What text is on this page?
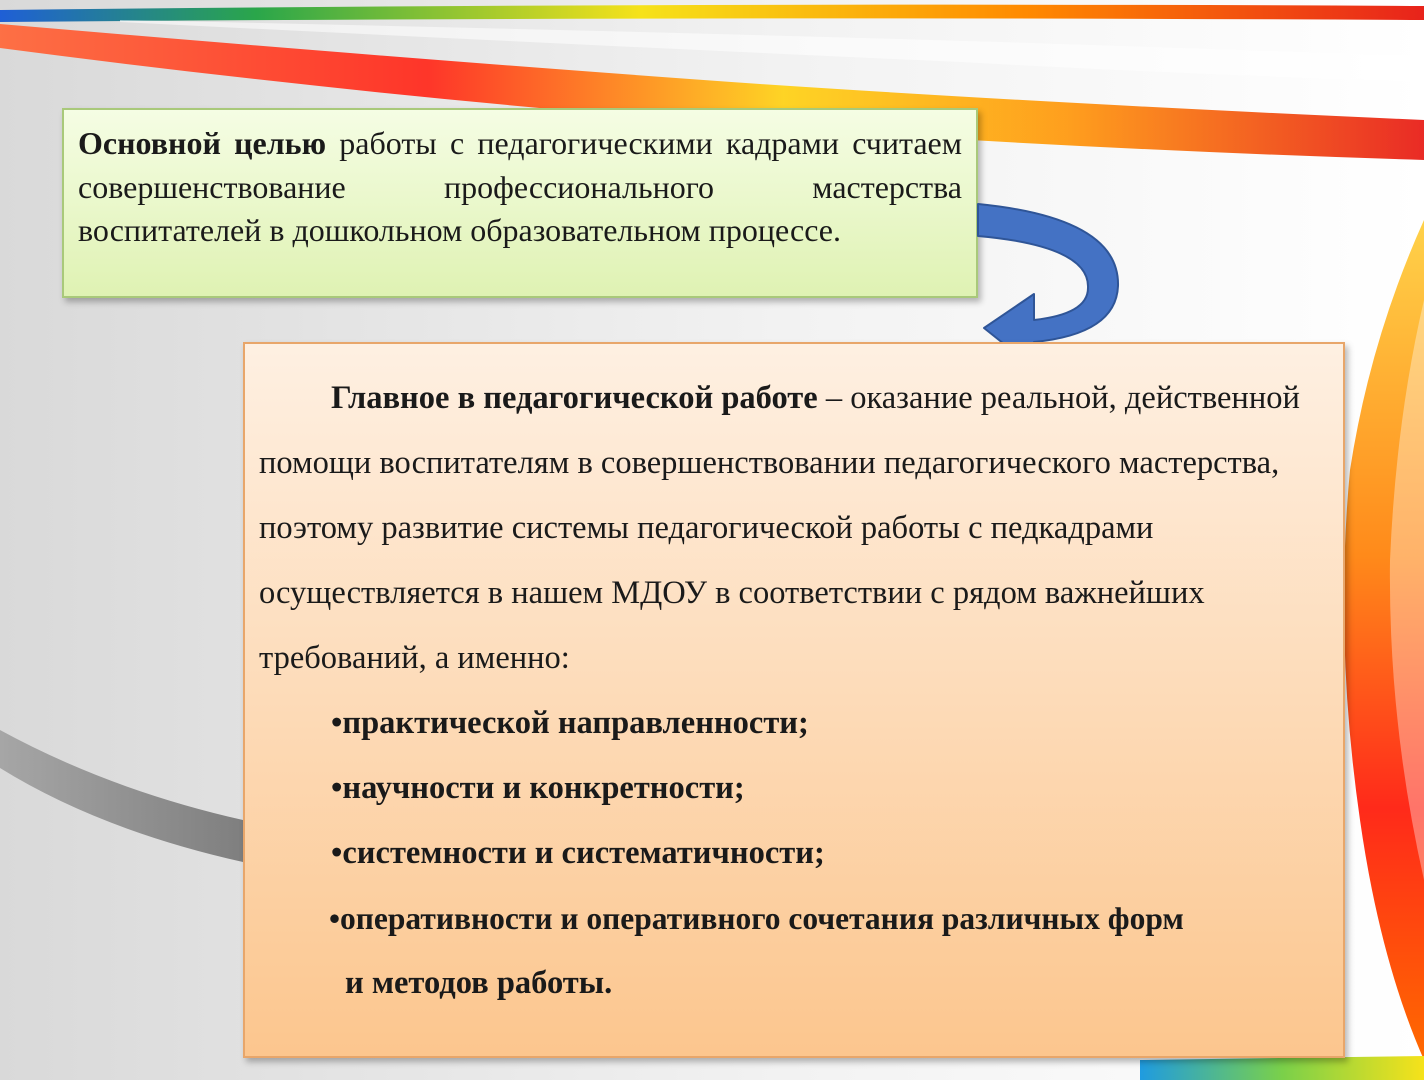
Основной целью работы с педагогическими кадрами считаем совершенствование профессионального мастерства воспитателей в дошкольном образовательном процессе.

Главное в педагогической работе – оказание реальной, действенной помощи воспитателям в совершенствовании педагогического мастерства, поэтому развитие системы педагогической работы с педкадрами осуществляется в нашем МДОУ в соответствии с рядом важнейших требований, а именно:

•практической направленности;
•научности и конкретности;
•системности и систематичности;
•оперативности и оперативного сочетания различных форм
и методов работы.
